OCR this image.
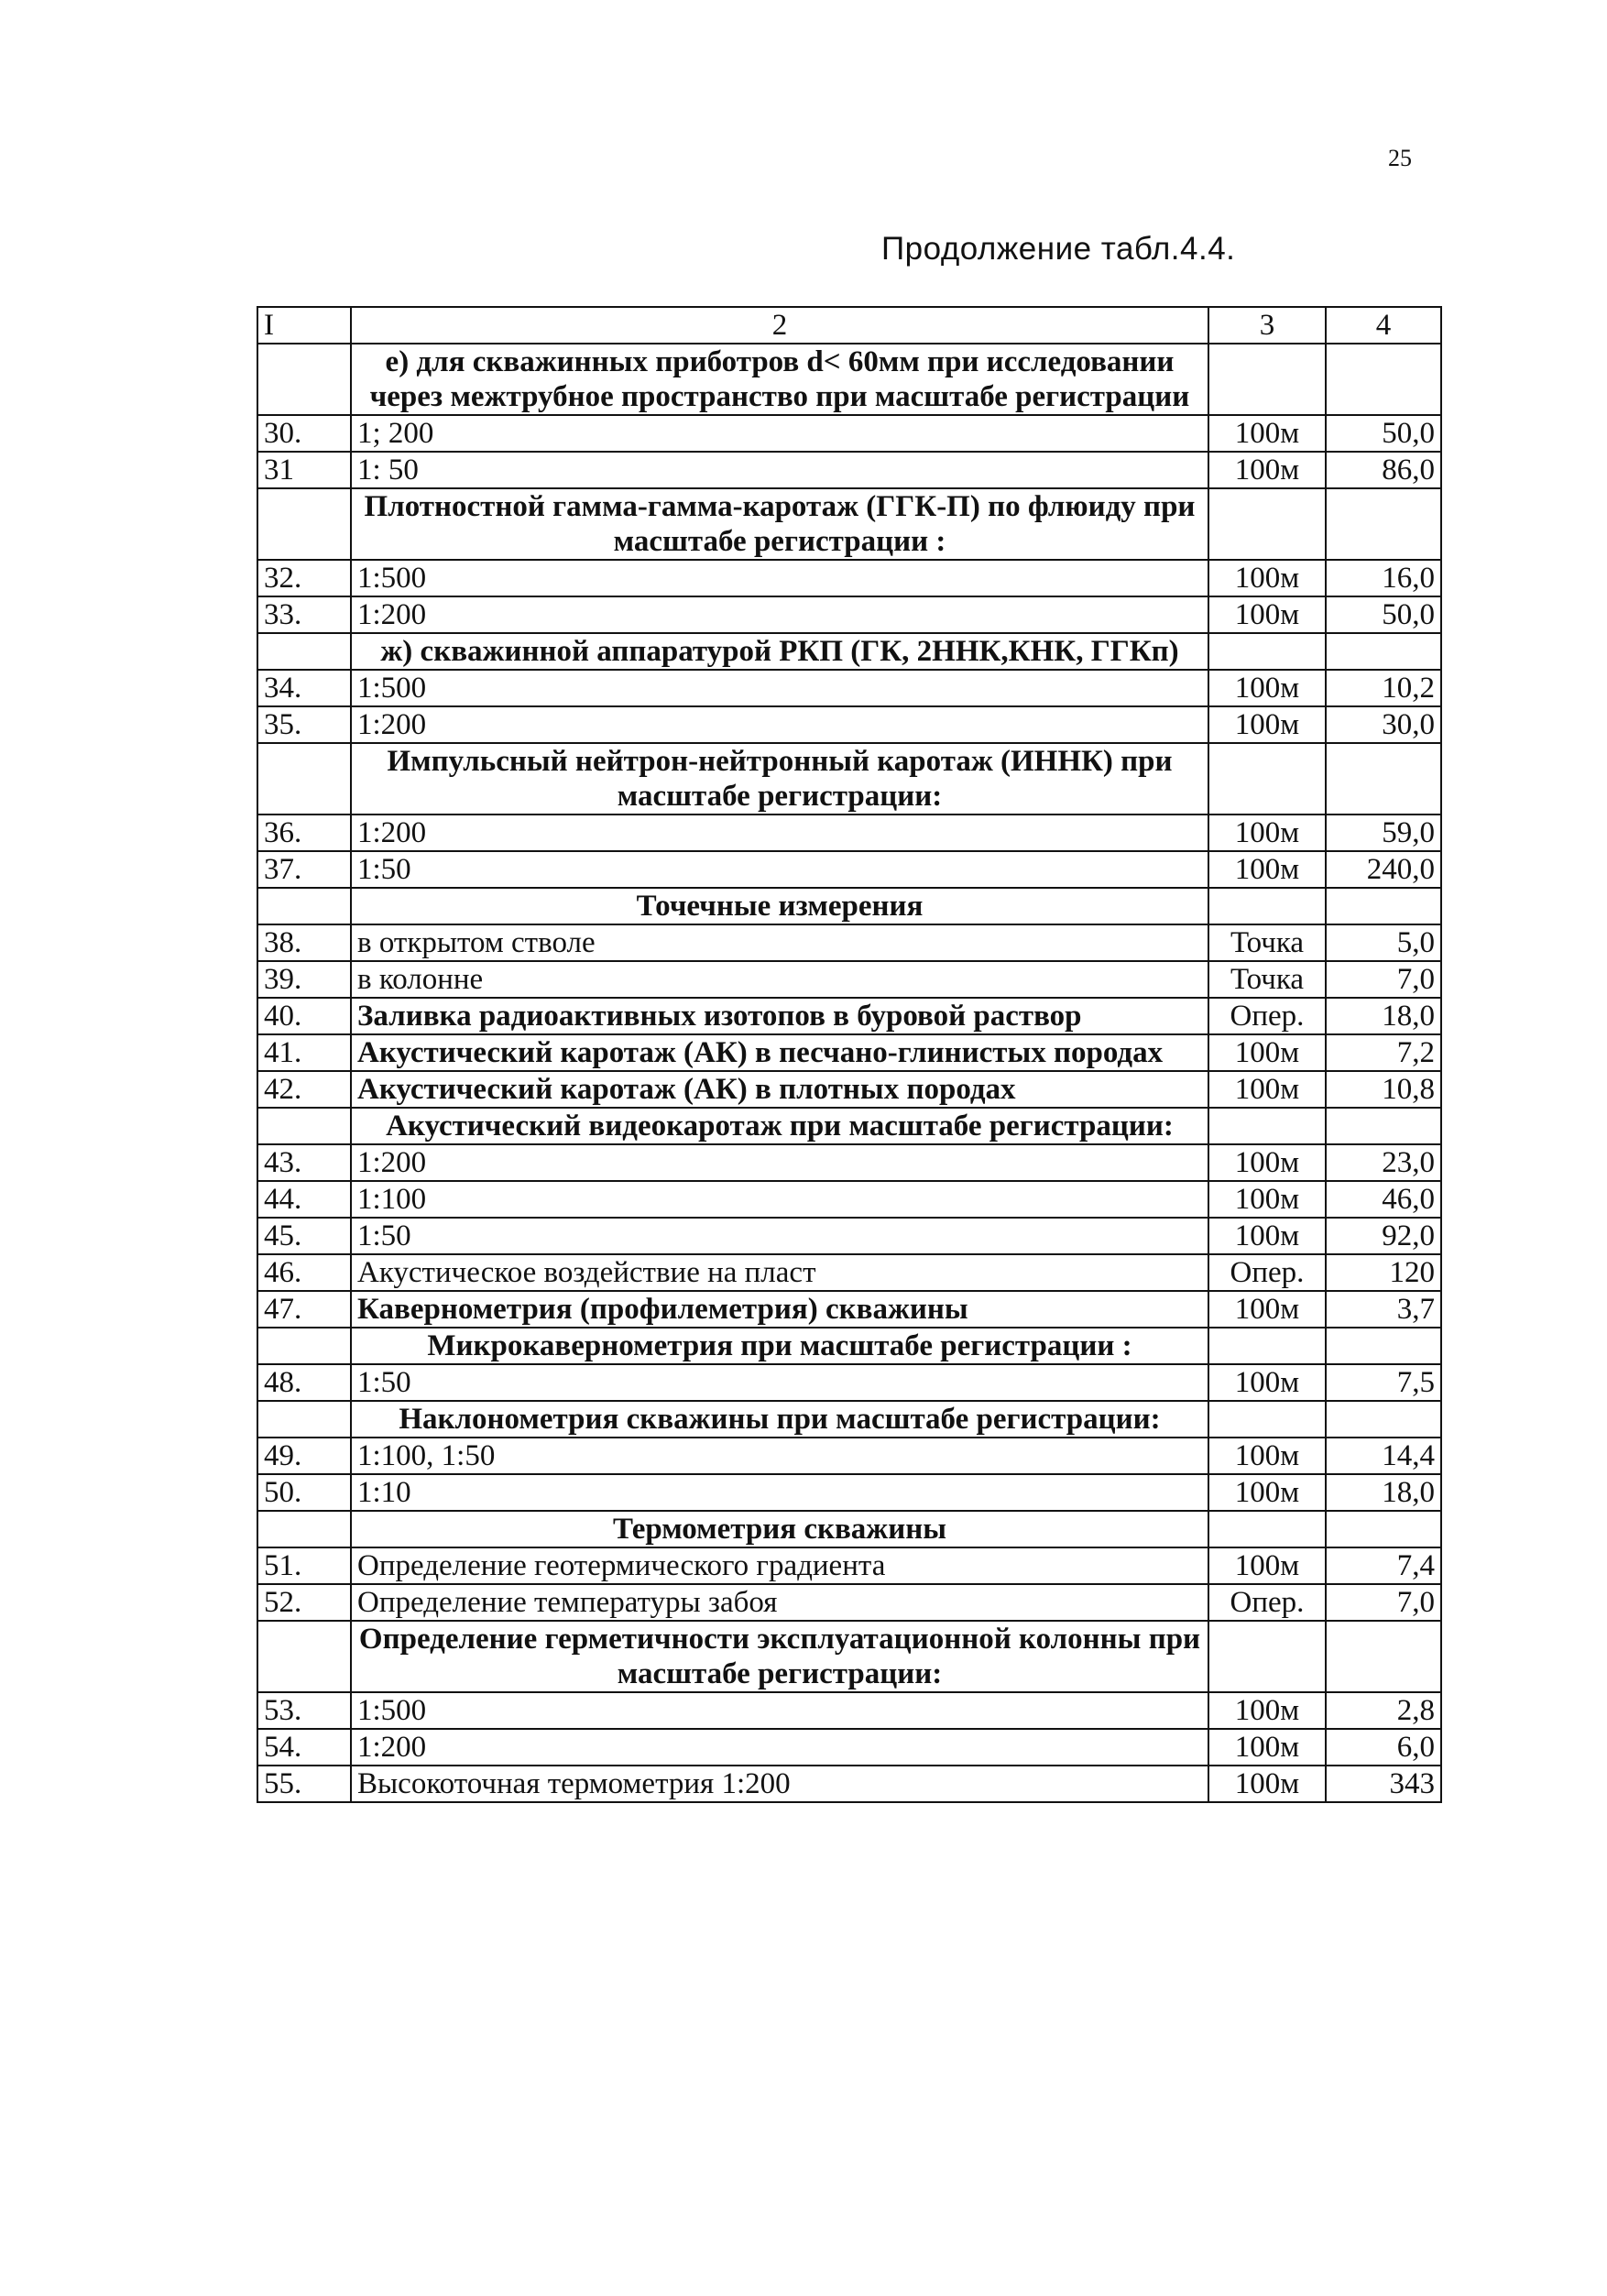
25
Продолжение табл.4.4.
I	2	3	4
	е) для скважинных приботров d< 60мм при исследовании через межтрубное пространство при масштабе регистрации		
30.	1; 200	100м	50,0
31	1: 50	100м	86,0
	Плотностной гамма-гамма-каротаж (ГГК-П) по флюиду при масштабе регистрации :		
32.	1:500	100м	16,0
33.	1:200	100м	50,0
	ж) скважинной аппаратурой РКП (ГК, 2ННК,КНК, ГГКп)		
34.	1:500	100м	10,2
35.	1:200	100м	30,0
	Импульсный нейтрон-нейтронный каротаж (ИННК) при масштабе регистрации:		
36.	1:200	100м	59,0
37.	1:50	100м	240,0
	Точечные измерения		
38.	в открытом стволе	Точка	5,0
39.	в колонне	Точка	7,0
40.	Заливка радиоактивных изотопов в буровой раствор	Опер.	18,0
41.	Акустический каротаж (АК) в песчано-глинистых породах	100м	7,2
42.	Акустический каротаж (АК) в плотных породах	100м	10,8
	Акустический видеокаротаж при масштабе регистрации:		
43.	1:200	100м	23,0
44.	1:100	100м	46,0
45.	1:50	100м	92,0
46.	Акустическое воздействие на пласт	Опер.	120
47.	Кавернометрия (профилеметрия) скважины	100м	3,7
	Микрокавернометрия при масштабе регистрации :		
48.	1:50	100м	7,5
	Наклонометрия скважины при масштабе регистрации:		
49.	1:100, 1:50	100м	14,4
50.	1:10	100м	18,0
	Термометрия скважины		
51.	Определение геотермического градиента	100м	7,4
52.	Определение температуры забоя	Опер.	7,0
	Определение герметичности эксплуатационной колонны при масштабе регистрации:		
53.	1:500	100м	2,8
54.	1:200	100м	6,0
55.	Высокоточная термометрия 1:200	100м	343
